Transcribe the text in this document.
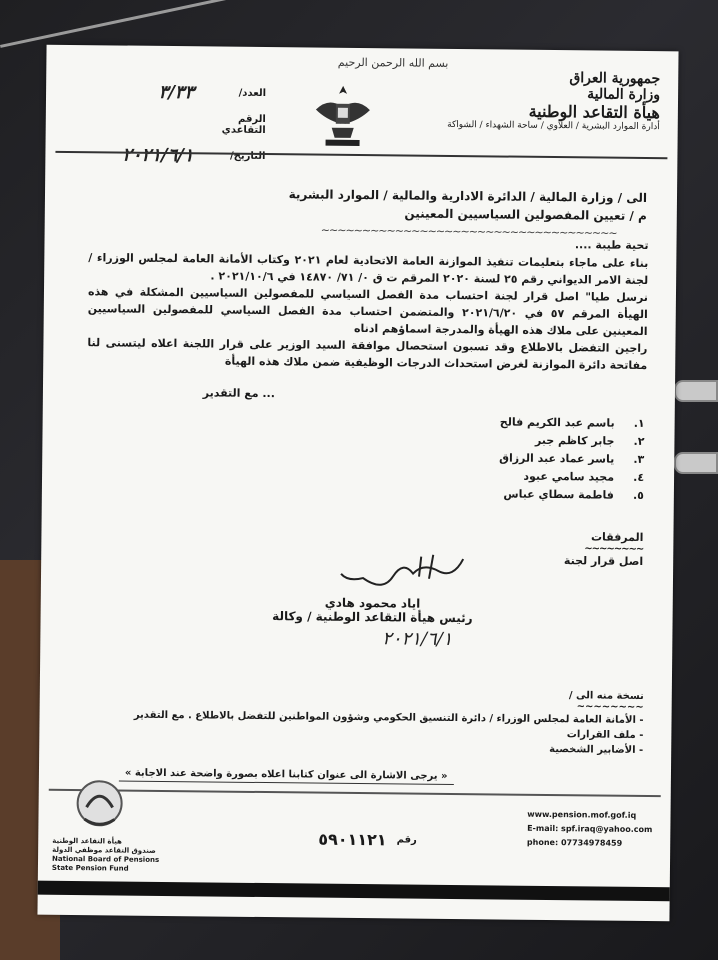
بسم الله الرحمن الرحيم
جمهورية العراق
وزارة المالية
هيأة التقاعد الوطنية
أدارة الموارد البشرية / العلاوي / ساحة الشهداء / الشواكة
العدد/
٣/٣٣
الرقم التقاعدي
التاريخ/
٢٠٢١/٦/١
الى / وزارة المالية / الدائرة الادارية والمالية / الموارد البشرية
م / تعيين المفصولين السياسيين المعينين
~~~~~~~~~~~~~~~~~~~~~~~~~~~~~~~~~~~~
تحية طيبة ....

بناء على ماجاء بتعليمات تنفيذ الموازنة العامة الاتحادية لعام ٢٠٢١ وكتاب الأمانة العامة لمجلس الوزراء / لجنة الامر الديواني رقم ٢٥ لسنة ٢٠٢٠ المرقم ت ق ٠/ ٧١/ ١٤٨٧٠ في ٢٠٢١/١٠/٦ .

نرسل طيا" اصل قرار لجنة احتساب مدة الفصل السياسي للمفصولين السياسيين المشكلة في هذه الهيأة المرقم ٥٧ في ٢٠٢١/٦/٢٠ والمتضمن احتساب مدة الفصل السياسي للمفصولين السياسيين المعينين على ملاك هذه الهيأة والمدرجة اسماؤهم ادناه

راجين التفضل بالاطلاع وقد تسبون استحصال موافقة السيد الوزير على قرار اللجنة اعلاه ليتسنى لنا مفاتحة دائرة الموازنة لغرض استحداث الدرجات الوظيفية ضمن ملاك هذه الهيأة

... مع التقدير
١.
باسم عبد الكريم فالح
٢.
جابر كاظم جبر
٣.
ياسر عماد عبد الرزاق
٤.
مجيد سامي عبود
٥.
فاطمة سطاي عباس
المرفقات
~~~~~~~~
اصل قرار لجنة
اياد محمود هادي
رئيس هيأة التقاعد الوطنية / وكالة
٢٠٢١/٦/١
نسخة منه الى /
~~~~~~~~
- الأمانة العامة لمجلس الوزراء / دائرة التنسيق الحكومي وشؤون المواطنين للتفضل بالاطلاع . مع التقدير
- ملف القرارات
- الأضابير الشخصية
« يرجى الاشارة الى عنوان كتابنا اعلاه بصورة واضحة عند الاجابة »
www.pension.mof.gof.iq
E-mail: spf.iraq@yahoo.com
phone: 07734978459
رقم
٥٩٠١١٢١
هيأة التقاعد الوطنية
صندوق التقاعد موظفي الدولة
National Board of Pensions
State Pension Fund
